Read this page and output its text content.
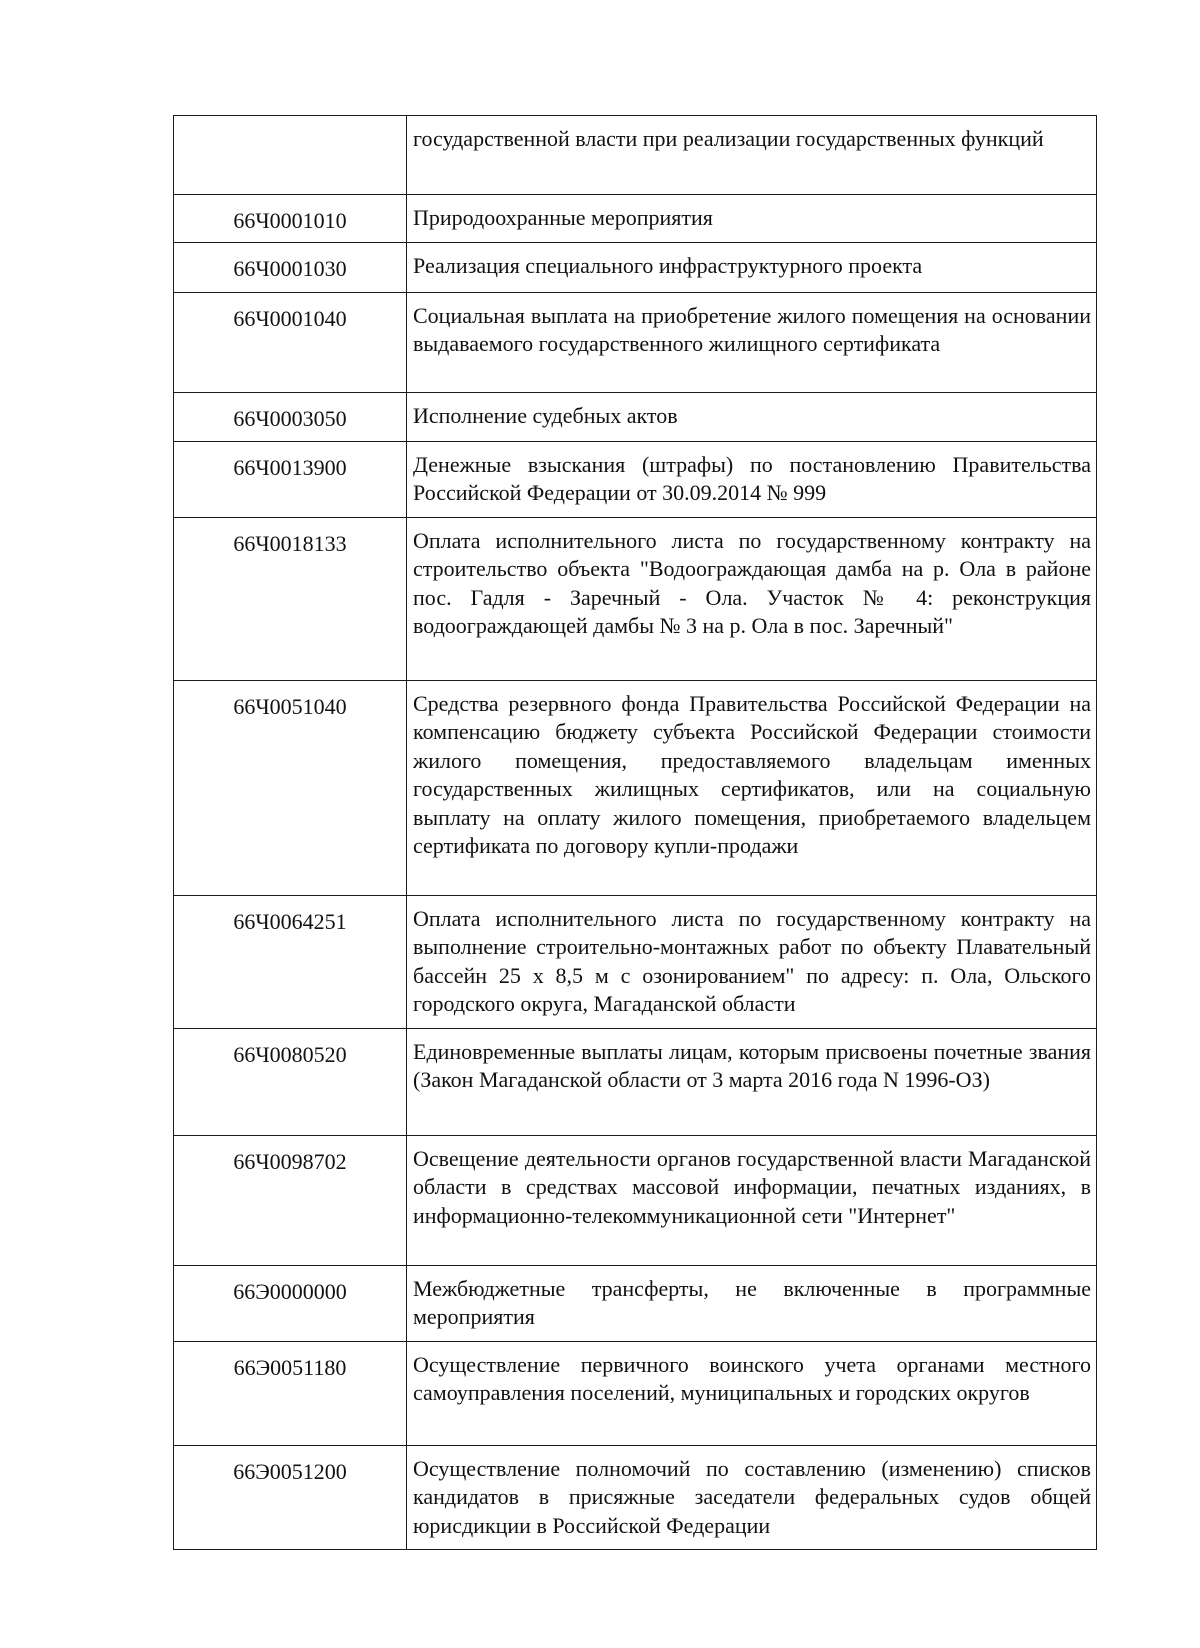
	государственной власти при реализации государственных функций

66Ч0001010	Природоохранные мероприятия

66Ч0001030	Реализация специального инфраструктурного проекта

66Ч0001040	Социальная выплата на приобретение жилого помещения на основании выдаваемого государственного жилищного сертификата

66Ч0003050	Исполнение судебных актов

66Ч0013900	Денежные взыскания (штрафы) по постановлению Правительства Российской Федерации от 30.09.2014 № 999

66Ч0018133	Оплата исполнительного листа по государственному контракту на строительство объекта "Водоограждающая дамба на р. Ола в районе пос. Гадля - Заречный - Ола. Участок № 4: реконструкция водоограждающей дамбы № 3 на р. Ола в пос. Заречный"

66Ч0051040	Средства резервного фонда Правительства Российской Федерации на компенсацию бюджету субъекта Российской Федерации стоимости жилого помещения, предоставляемого владельцам именных государственных жилищных сертификатов, или на социальную выплату на оплату жилого помещения, приобретаемого владельцем сертификата по договору купли-продажи

66Ч0064251	Оплата исполнительного листа по государственному контракту на выполнение строительно-монтажных работ по объекту Плавательный бассейн 25 х 8,5 м с озонированием" по адресу: п. Ола, Ольского городского округа, Магаданской области

66Ч0080520	Единовременные выплаты лицам, которым присвоены почетные звания (Закон Магаданской области от 3 марта 2016 года N 1996-ОЗ)

66Ч0098702	Освещение деятельности органов государственной власти Магаданской области в средствах массовой информации, печатных изданиях, в информационно-телекоммуникационной сети "Интернет"

66Э0000000	Межбюджетные трансферты, не включенные в программные мероприятия

66Э0051180	Осуществление первичного воинского учета органами местного самоуправления поселений, муниципальных и городских округов

66Э0051200	Осуществление полномочий по составлению (изменению) списков кандидатов в присяжные заседатели федеральных судов общей юрисдикции в Российской Федерации
